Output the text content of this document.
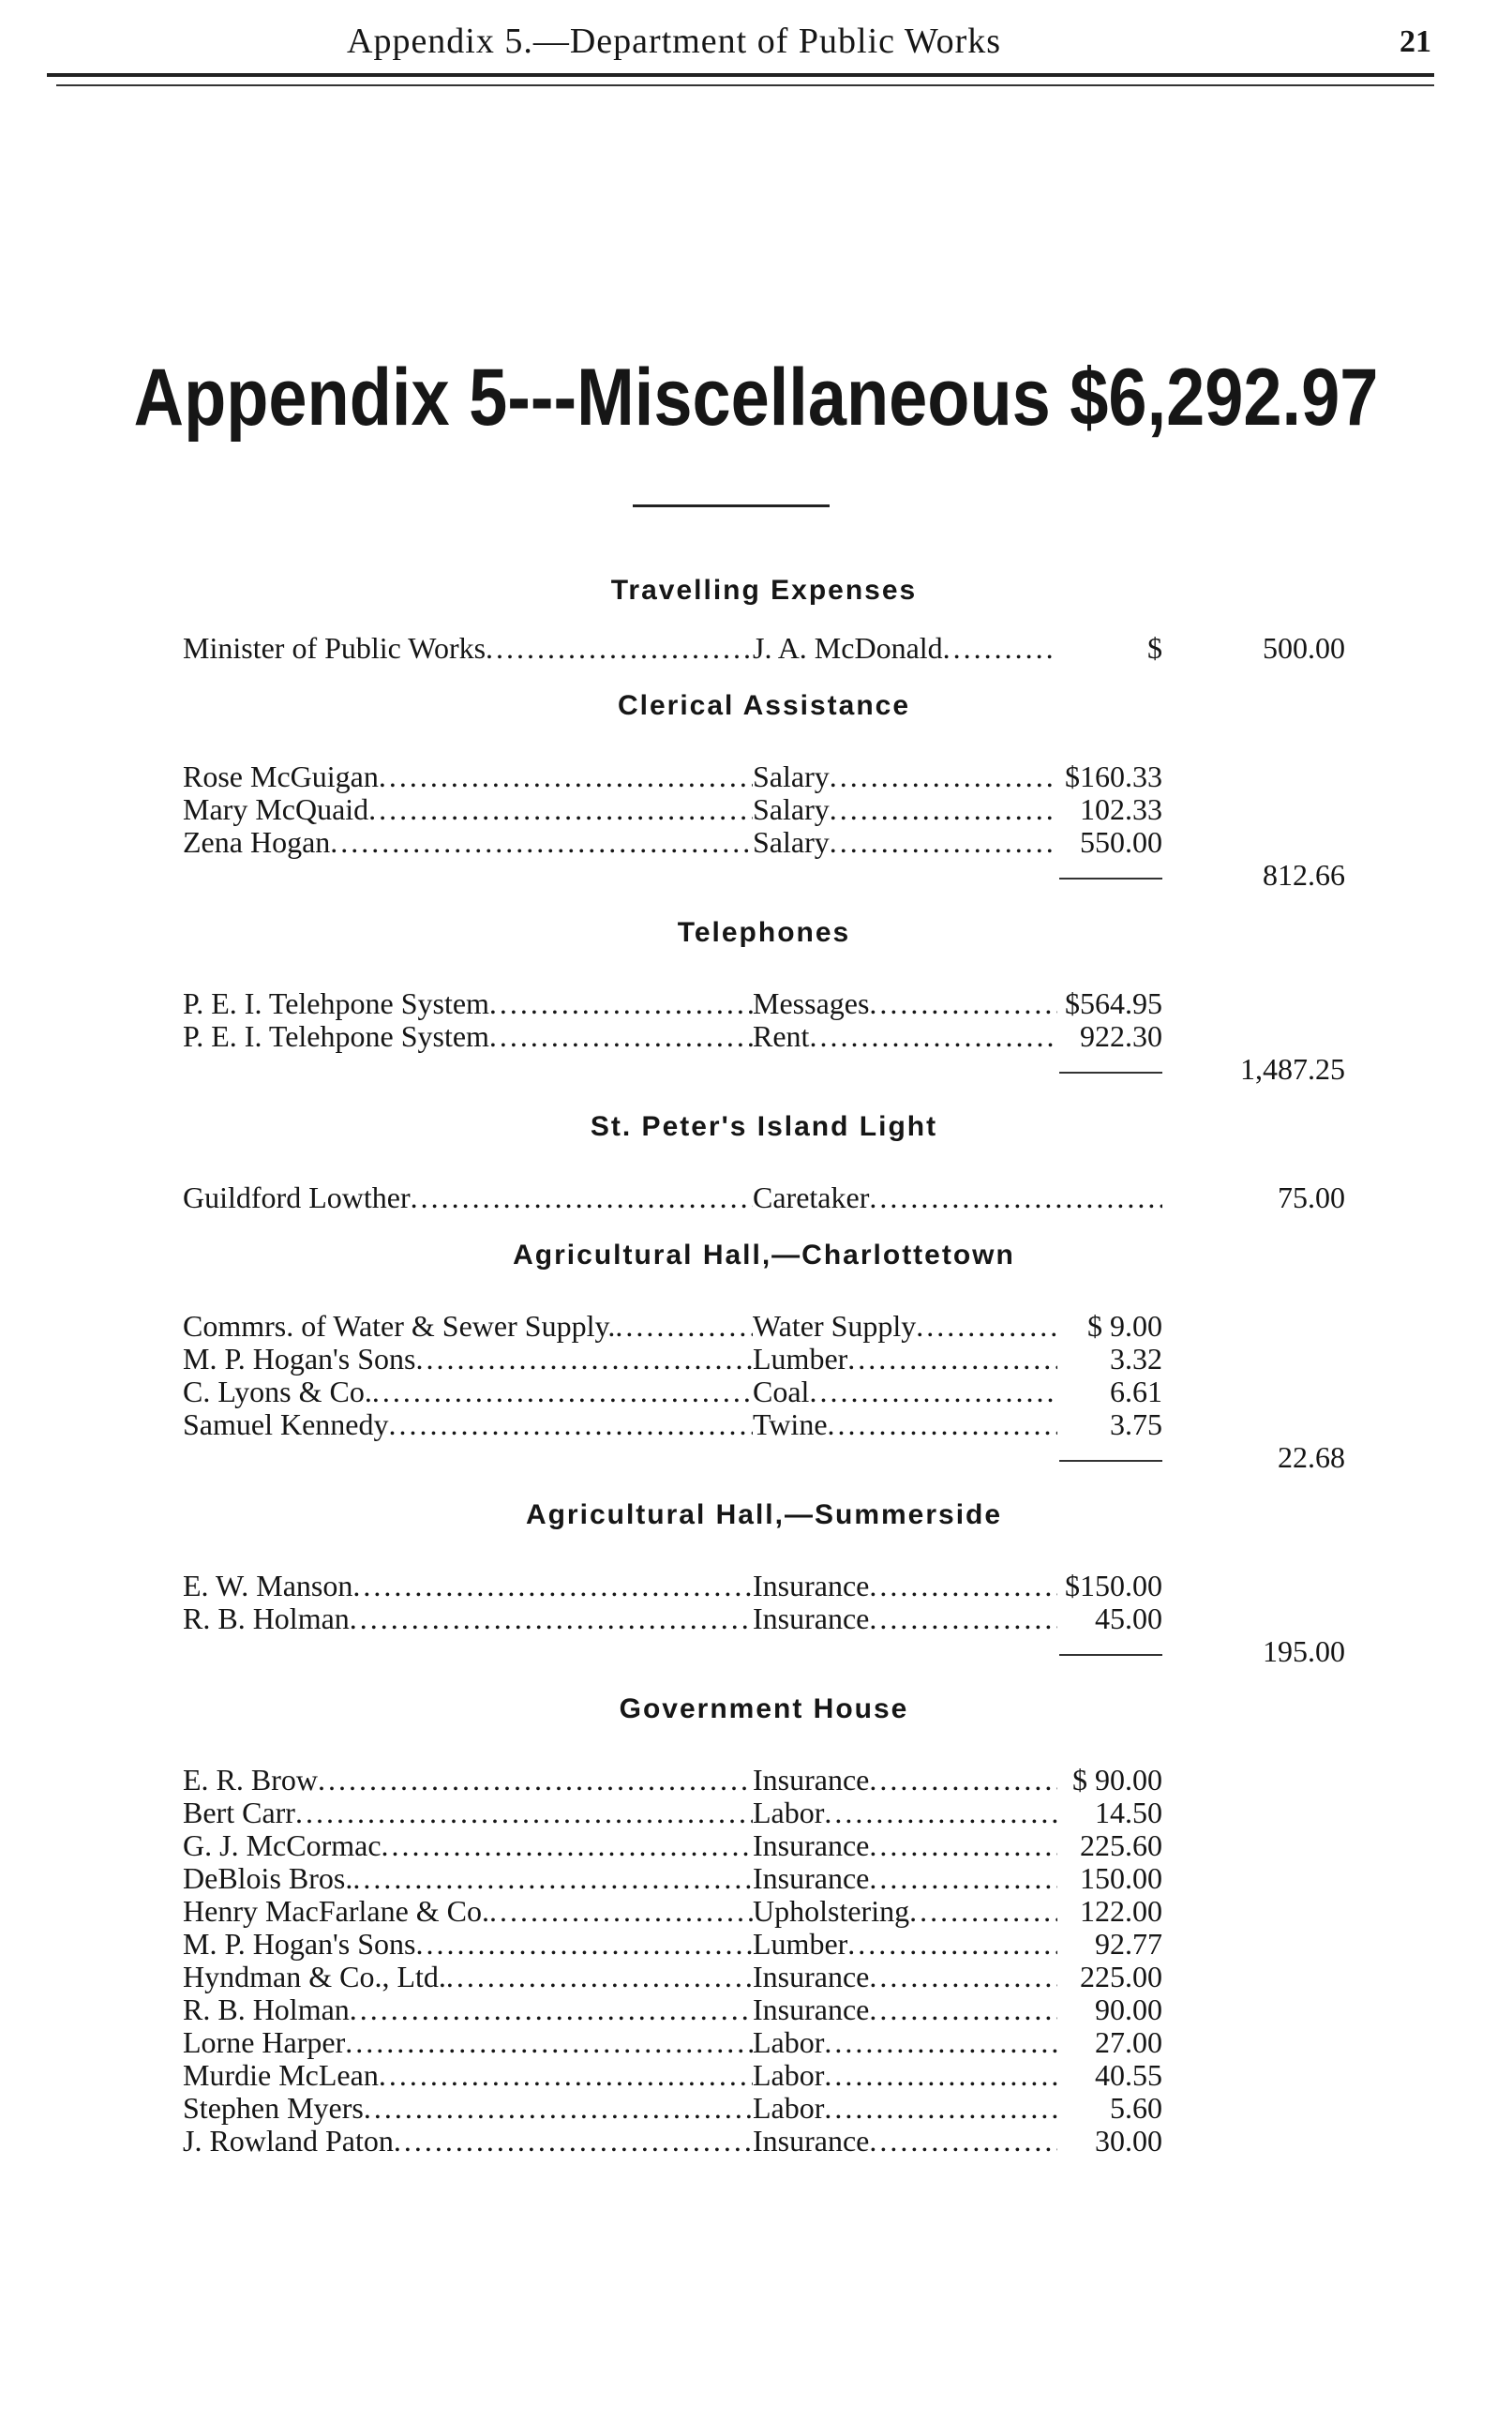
Appendix 5.—Department of Public Works	21
Appendix 5---Miscellaneous $6,292.97
Travelling Expenses
Minister of Public Works .....	J. A. McDonald .....	$	500.00
Clerical Assistance
Rose McGuigan .....	Salary .....	$160.33
Mary McQuaid .....	Salary .....	102.33
Zena Hogan .....	Salary .....	550.00
812.66
Telephones
P. E. I. Telehpone System .....	Messages .....	$564.95
P. E. I. Telehpone System .....	Rent .....	922.30
1,487.25
St. Peter's Island Light
Guildford Lowther .....	Caretaker .....	75.00
Agricultural Hall,—Charlottetown
Commrs. of Water & Sewer Supply. .....	Water Supply .....	$ 9.00
M. P. Hogan's Sons .....	Lumber .....	3.32
C. Lyons & Co. .....	Coal .....	6.61
Samuel Kennedy .....	Twine .....	3.75
22.68
Agricultural Hall,—Summerside
E. W. Manson .....	Insurance .....	$150.00
R. B. Holman .....	Insurance .....	45.00
195.00
Government House
E. R. Brow .....	Insurance .....	$ 90.00
Bert Carr .....	Labor .....	14.50
G. J. McCormac .....	Insurance .....	225.60
DeBlois Bros. .....	Insurance .....	150.00
Henry MacFarlane & Co. .....	Upholstering .....	122.00
M. P. Hogan's Sons .....	Lumber .....	92.77
Hyndman & Co., Ltd. .....	Insurance .....	225.00
R. B. Holman .....	Insurance .....	90.00
Lorne Harper .....	Labor .....	27.00
Murdie McLean .....	Labor .....	40.55
Stephen Myers .....	Labor .....	5.60
J. Rowland Paton .....	Insurance .....	30.00
